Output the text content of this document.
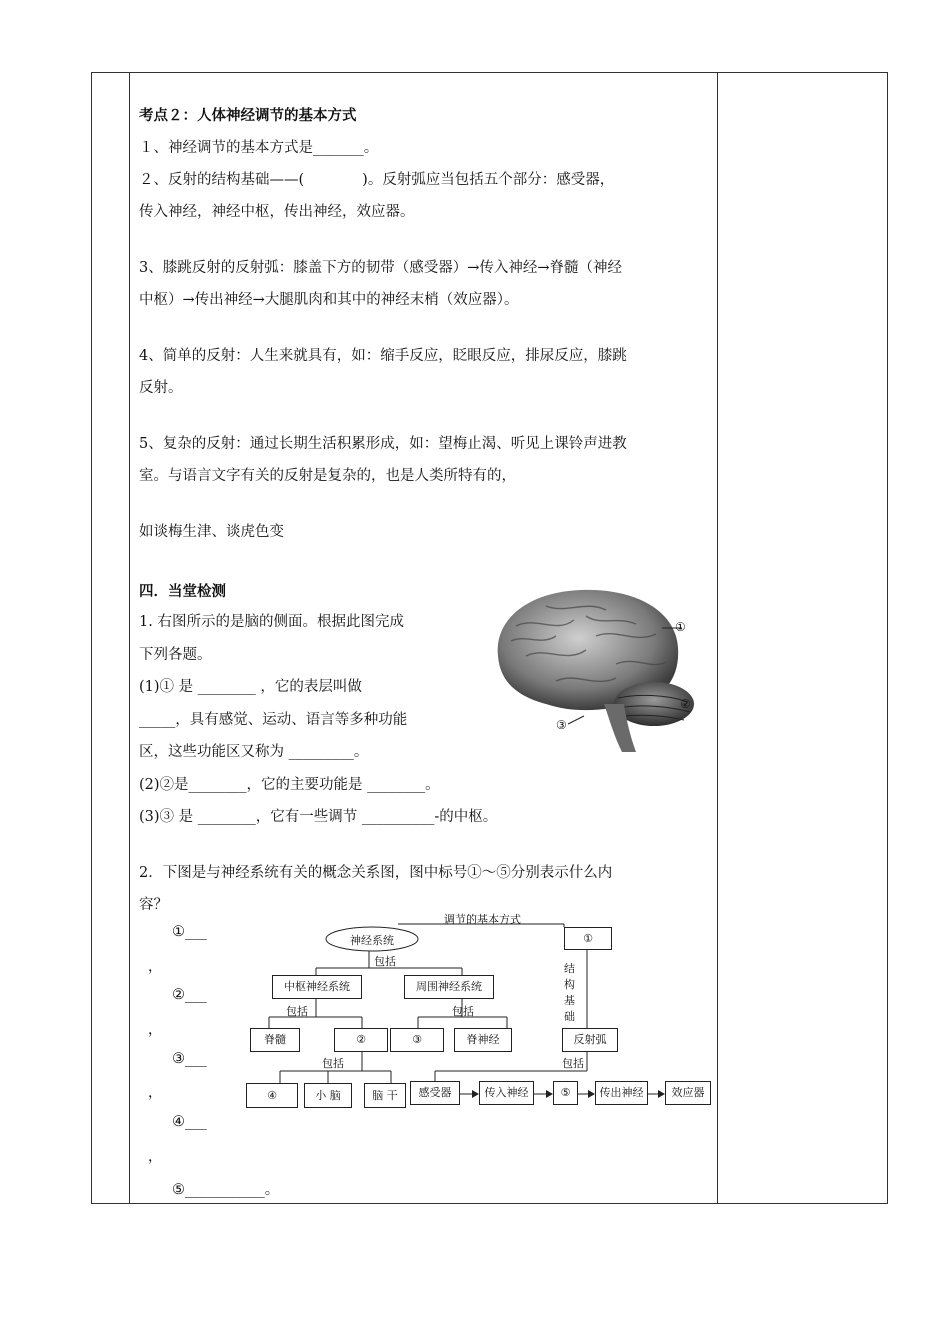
考点２：人体神经调节的基本方式

１、神经调节的基本方式是_______。

２、反射的结构基础——(　　　　)。反射弧应当包括五个部分：感受器，

传入神经，神经中枢，传出神经，效应器。

3、膝跳反射的反射弧：膝盖下方的韧带（感受器）→传入神经→脊髓（神经

中枢）→传出神经→大腿肌肉和其中的神经末梢（效应器）。

4、简单的反射：人生来就具有，如：缩手反应，眨眼反应，排尿反应，膝跳

反射。

5、复杂的反射：通过长期生活积累形成，如：望梅止渴、听见上课铃声进教

室。与语言文字有关的反射是复杂的，也是人类所特有的，

如谈梅生津、谈虎色变

四．当堂检测

1. 右图所示的是脑的侧面。根据此图完成

下列各题。

(1)① 是 ________ ，它的表层叫做

_____，具有感觉、运动、语言等多种功能

区，这些功能区又称为 _________。

(2)②是________，它的主要功能是 ________。

(3)③ 是 ________，它有一些调节 __________-的中枢。

①
②
③
2．下图是与神经系统有关的概念关系图，图中标号①～⑤分别表示什么内
容？
①___
，
②___
，
③___
，
④___
，
⑤___________。
神经系统
调节的基本方式
①
包括
中枢神经系统	周围神经系统
结
构
基
础
包括	包括
脊髓	②	③	脊神经	反射弧
包括	包括
④	小 脑	脑 干	感受器	传入神经	⑤	传出神经	效应器
